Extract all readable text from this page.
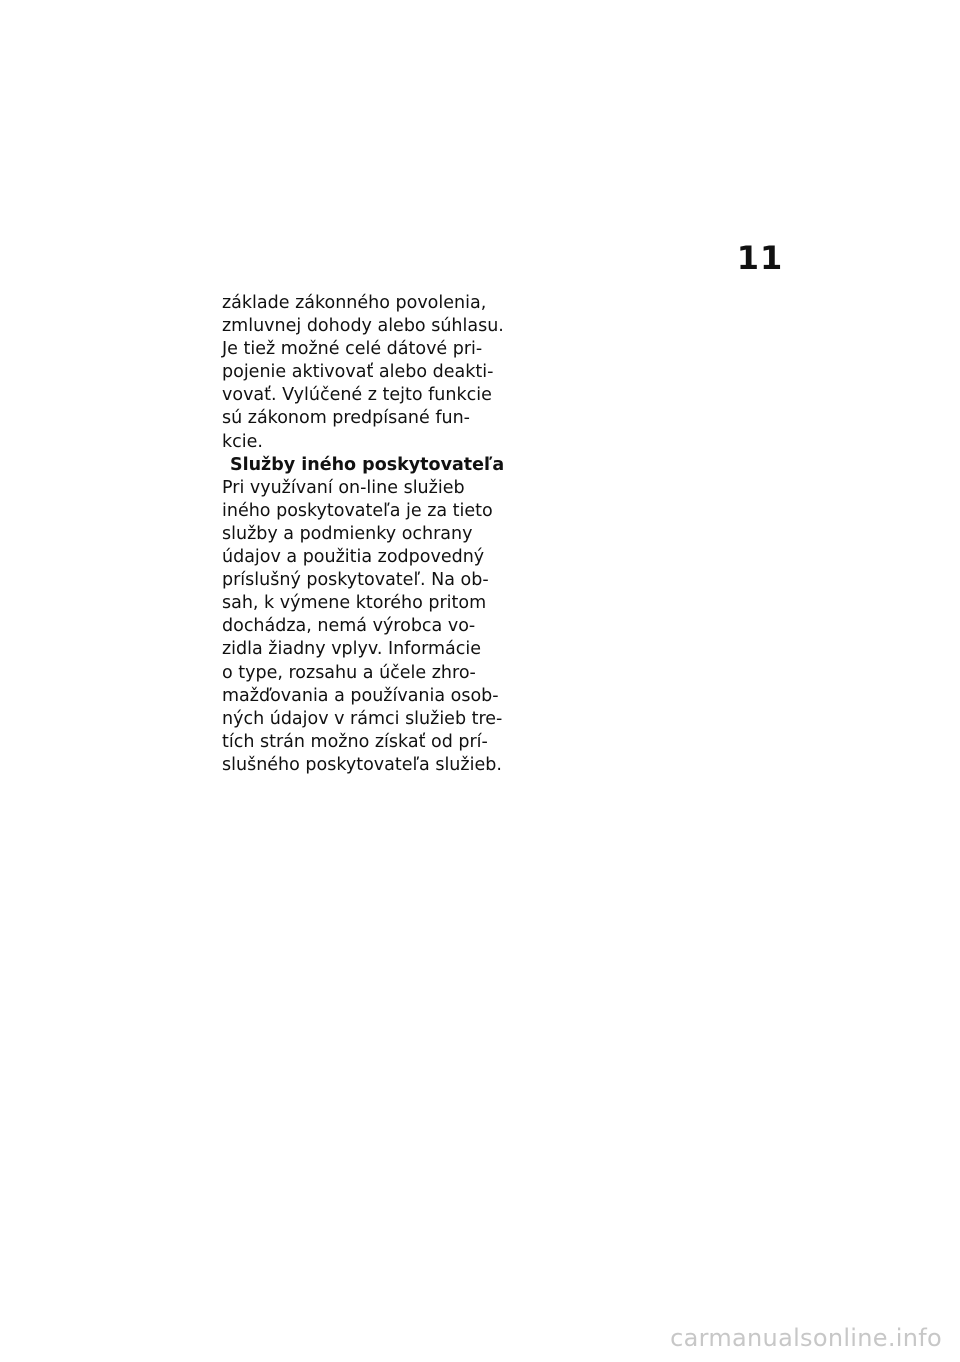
11
základe zákonného povolenia,
zmluvnej dohody alebo súhlasu.
Je tiež možné celé dátové pri‐
pojenie aktivovať alebo deakti‐
vovať. Vylúčené z tejto funkcie
sú zákonom predpísané fun‐
kcie.
Služby iného poskytovateľa
Pri využívaní on-line služieb
iného poskytovateľa je za tieto
služby a podmienky ochrany
údajov a použitia zodpovedný
príslušný poskytovateľ. Na ob‐
sah, k výmene ktorého pritom
dochádza, nemá výrobca vo‐
zidla žiadny vplyv. Informácie
o type, rozsahu a účele zhro‐
mažďovania a používania osob‐
ných údajov v rámci služieb tre‐
tích strán možno získať od prí‐
slušného poskytovateľa služieb.
carmanualsonline.info
